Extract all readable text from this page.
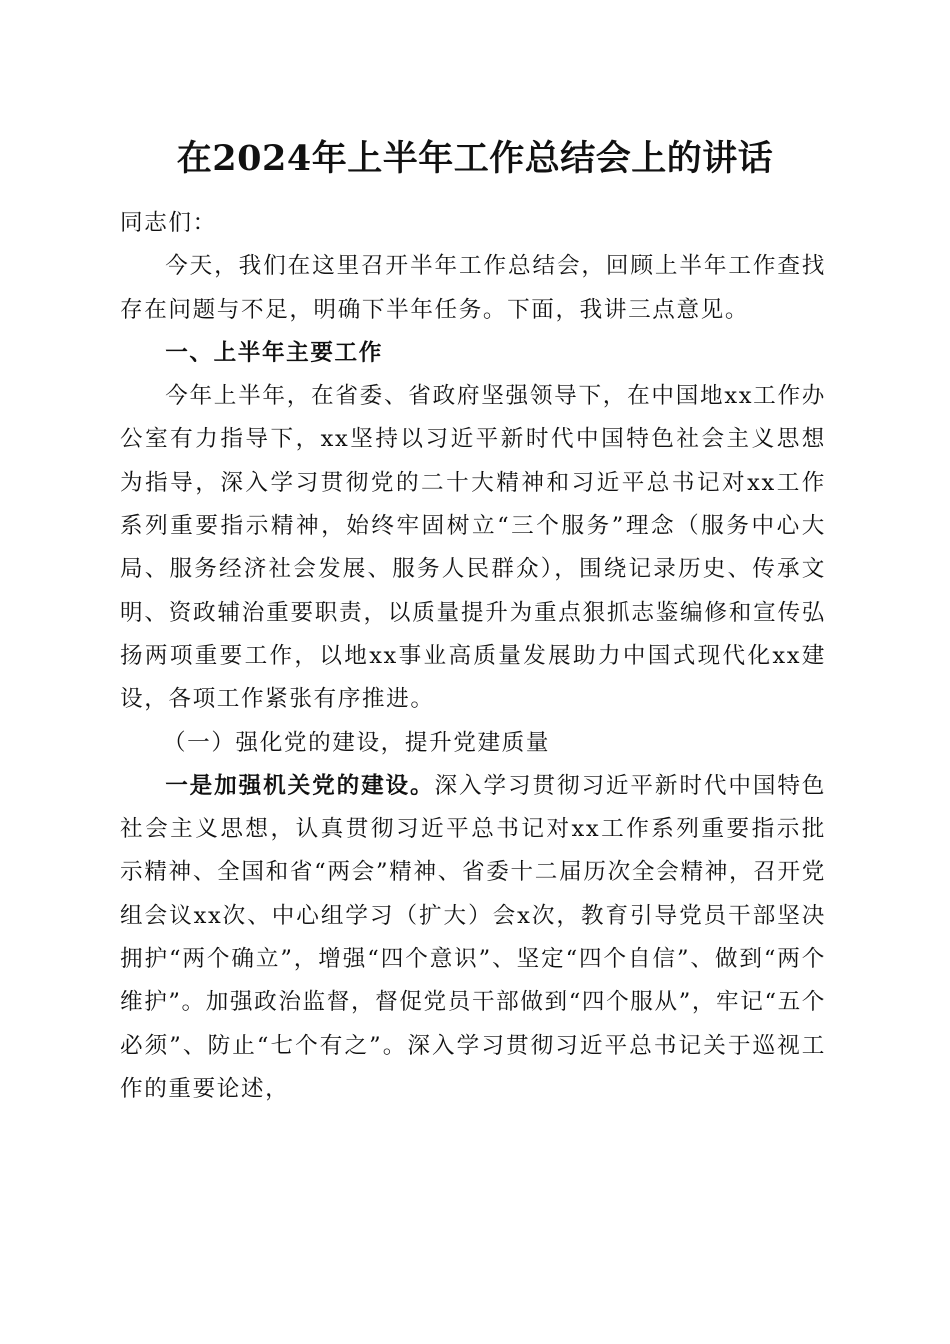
在2024年上半年工作总结会上的讲话

同志们：

今天，我们在这里召开半年工作总结会，回顾上半年工作查找存在问题与不足，明确下半年任务。下面，我讲三点意见。

一、上半年主要工作

今年上半年，在省委、省政府坚强领导下，在中国地xx工作办公室有力指导下，xx坚持以习近平新时代中国特色社会主义思想为指导，深入学习贯彻党的二十大精神和习近平总书记对xx工作系列重要指示精神，始终牢固树立“三个服务”理念（服务中心大局、服务经济社会发展、服务人民群众），围绕记录历史、传承文明、资政辅治重要职责，以质量提升为重点狠抓志鉴编修和宣传弘扬两项重要工作，以地xx事业高质量发展助力中国式现代化xx建设，各项工作紧张有序推进。

（一）强化党的建设，提升党建质量

一是加强机关党的建设。深入学习贯彻习近平新时代中国特色社会主义思想，认真贯彻习近平总书记对xx工作系列重要指示批示精神、全国和省“两会”精神、省委十二届历次全会精神，召开党组会议xx次、中心组学习（扩大）会x次，教育引导党员干部坚决拥护“两个确立”，增强“四个意识”、坚定“四个自信”、做到“两个维护”。加强政治监督，督促党员干部做到“四个服从”，牢记“五个必须”、防止“七个有之”。深入学习贯彻习近平总书记关于巡视工作的重要论述，
